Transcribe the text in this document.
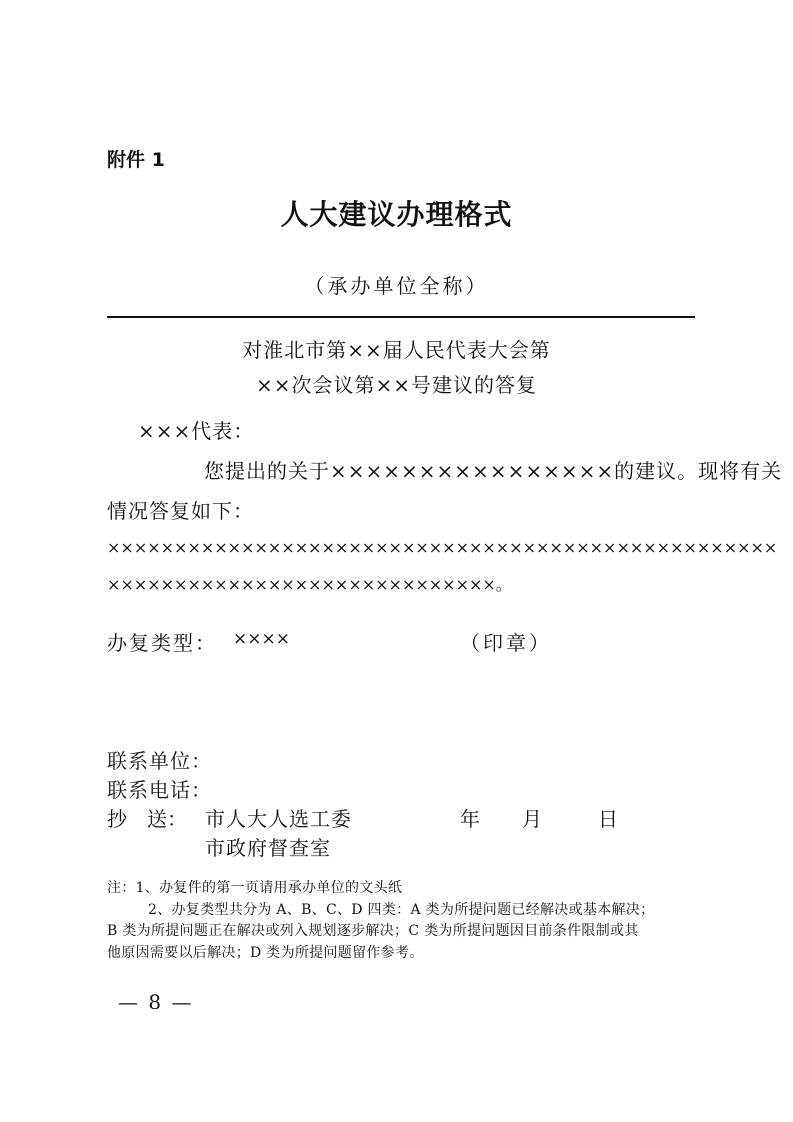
附件 1
人大建议办理格式
（承办单位全称）
对淮北市第××届人民代表大会第
××次会议第××号建议的答复
×××代表：
您提出的关于××××××××××××××××的建议。现将有关
情况答复如下：
××××××××××××××××××××××××××××××××××××××××××××××××××
×××××××××××××××××××××××××××××。
办复类型： ××××	（印章）
联系单位：
联系电话：
抄　送： 市人大人选工委
市政府督查室
年 月	日
注：1、办复件的第一页请用承办单位的文头纸
2、办复类型共分为 A、B、C、D 四类：A 类为所提问题已经解决或基本解决；
B 类为所提问题正在解决或列入规划逐步解决；C 类为所提问题因目前条件限制或其
他原因需要以后解决；D 类为所提问题留作参考。
— 8 —
